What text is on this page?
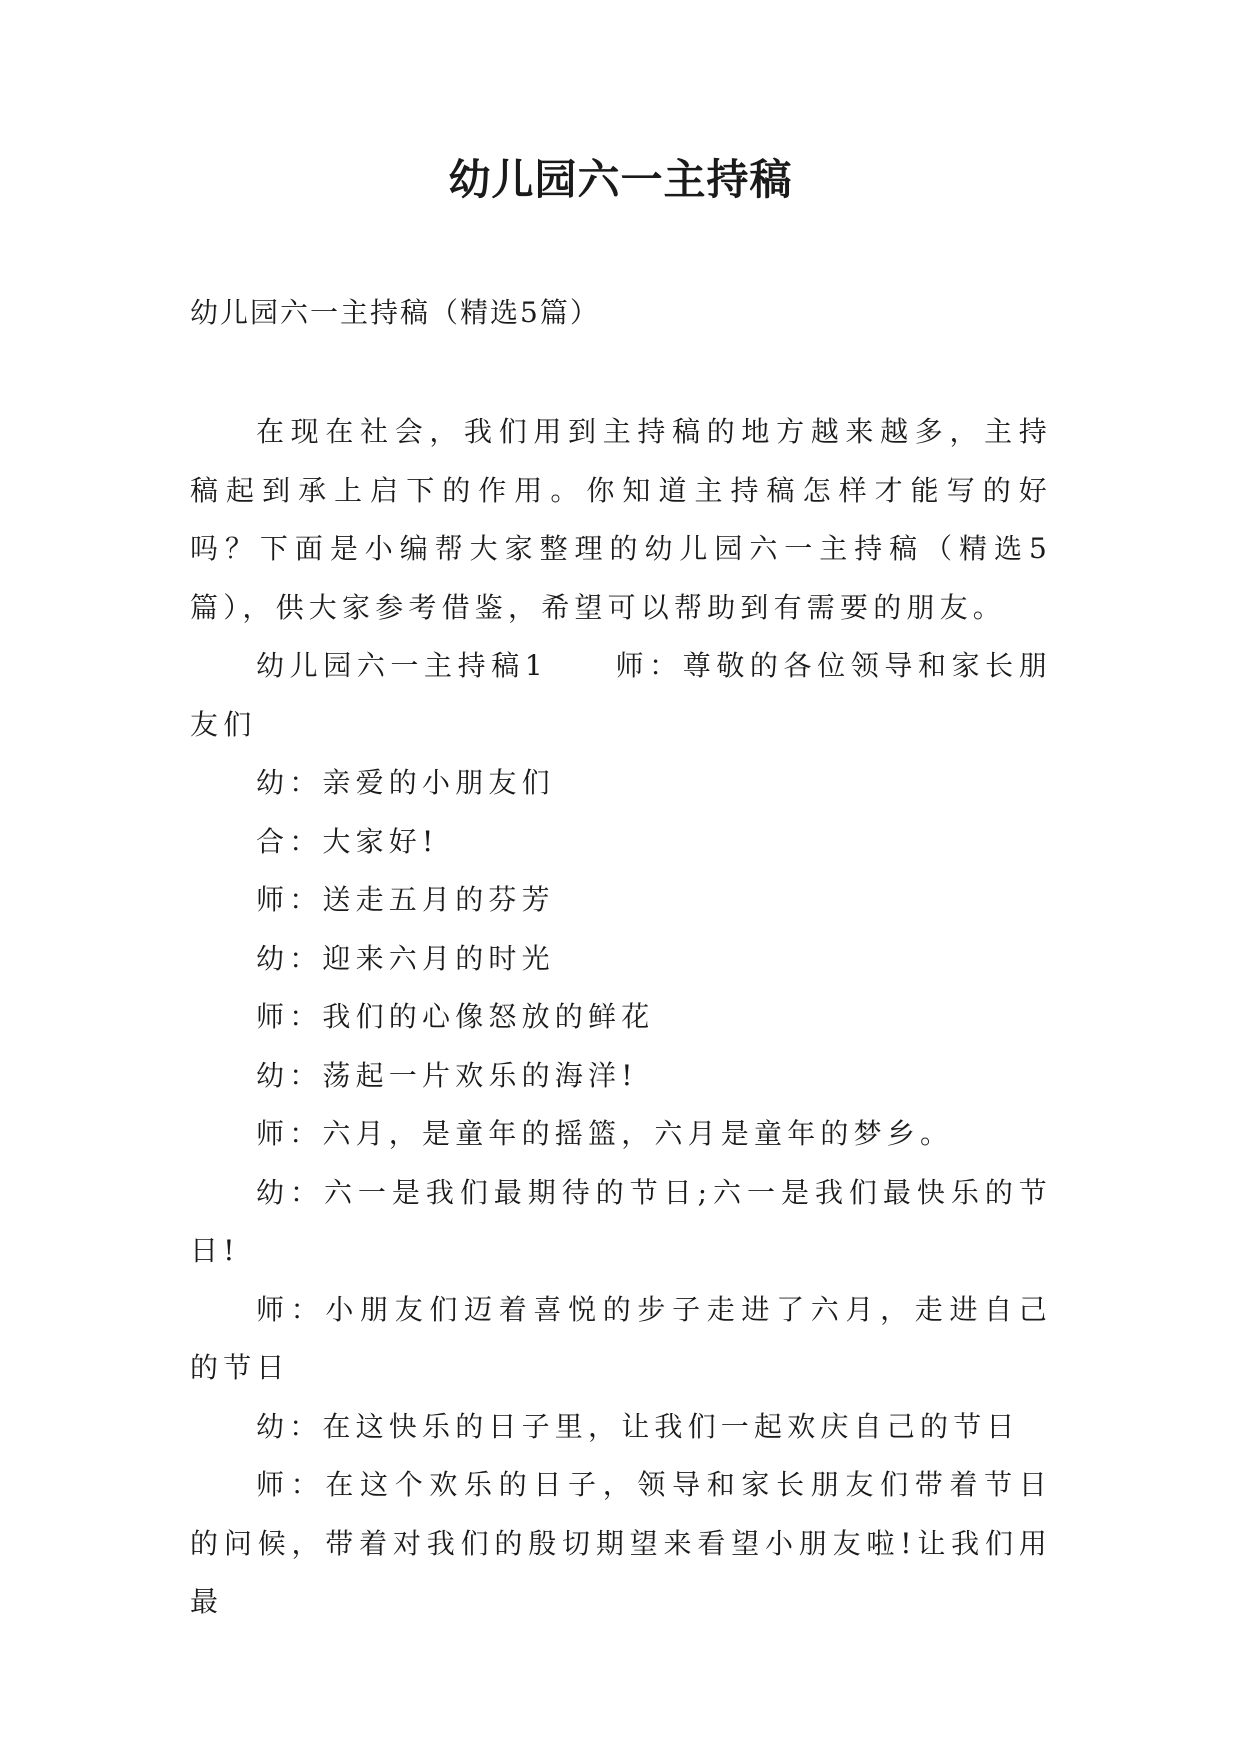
幼儿园六一主持稿

幼儿园六一主持稿（精选5篇）

在现在社会，我们用到主持稿的地方越来越多，主持稿起到承上启下的作用。你知道主持稿怎样才能写的好吗？下面是小编帮大家整理的幼儿园六一主持稿（精选5篇），供大家参考借鉴，希望可以帮助到有需要的朋友。

幼儿园六一主持稿1　　师：尊敬的各位领导和家长朋友们

幼：亲爱的小朋友们

合：大家好!

师：送走五月的芬芳

幼：迎来六月的时光

师：我们的心像怒放的鲜花

幼：荡起一片欢乐的海洋!

师：六月，是童年的摇篮，六月是童年的梦乡。

幼：六一是我们最期待的节日;六一是我们最快乐的节日!

师：小朋友们迈着喜悦的步子走进了六月，走进自己的节日

幼：在这快乐的日子里，让我们一起欢庆自己的节日

师：在这个欢乐的日子，领导和家长朋友们带着节日的问候，带着对我们的殷切期望来看望小朋友啦!让我们用最
